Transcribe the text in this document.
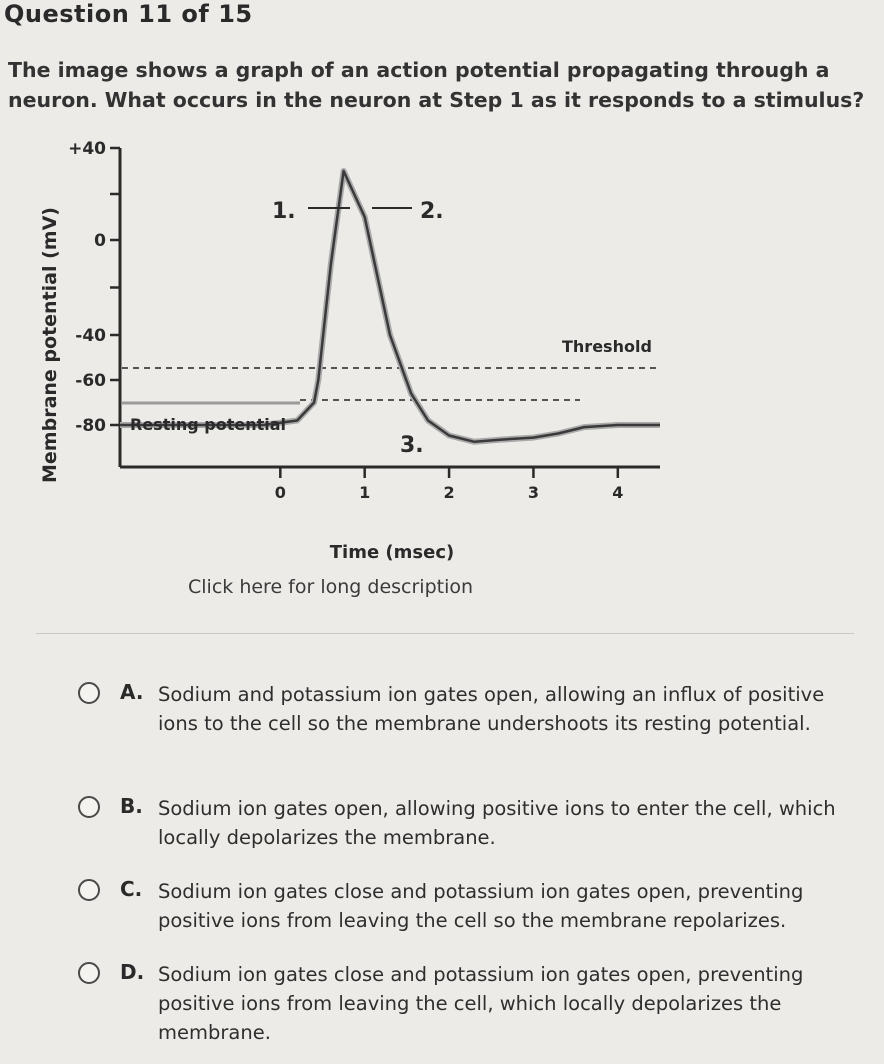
Question 11 of 15
The image shows a graph of an action potential propagating through a neuron. What occurs in the neuron at Step 1 as it responds to a stimulus?
+40
0
-40
-60
-80
0	1	2	3	4
Time (msec)
Membrane potential (mV)	1.	2.
3.
Threshold
Resting potential
Click here for long description
A. Sodium and potassium ion gates open, allowing an influx of positive ions to the cell so the membrane undershoots its resting potential.
B. Sodium ion gates open, allowing positive ions to enter the cell, which locally depolarizes the membrane.
C. Sodium ion gates close and potassium ion gates open, preventing positive ions from leaving the cell so the membrane repolarizes.
D. Sodium ion gates close and potassium ion gates open, preventing positive ions from leaving the cell, which locally depolarizes the membrane.
